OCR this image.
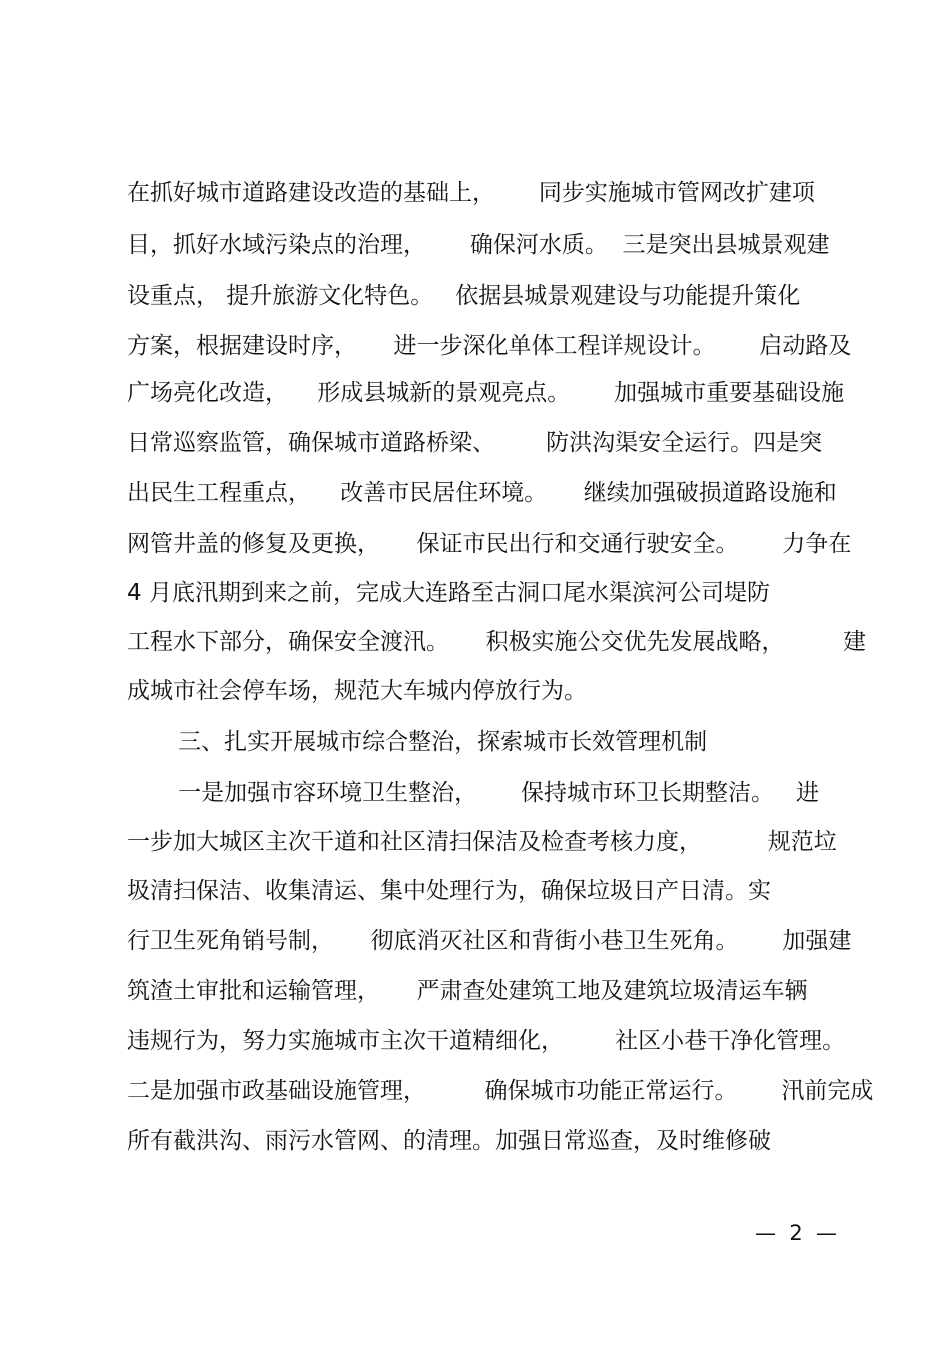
在抓好城市道路建设改造的基础上，      同步实施城市管网改扩建项
目，抓好水域污染点的治理，      确保河水质。  三是突出县城景观建
设重点， 提升旅游文化特色。   依据县城景观建设与功能提升策化
方案，根据建设时序，     进一步深化单体工程详规设计。      启动路及
广场亮化改造，    形成县城新的景观亮点。      加强城市重要基础设施
日常巡察监管，确保城市道路桥梁、       防洪沟渠安全运行。四是突
出民生工程重点，    改善市民居住环境。     继续加强破损道路设施和
网管井盖的修复及更换，     保证市民出行和交通行驶安全。      力争在
4 月底汛期到来之前，完成大连路至古洞口尾水渠滨河公司堤防
工程水下部分，确保安全渡汛。     积极实施公交优先发展战略，        建
成城市社会停车场，规范大车城内停放行为。
三、扎实开展城市综合整治，探索城市长效管理机制
一是加强市容环境卫生整治，      保持城市环卫长期整洁。   进
一步加大城区主次干道和社区清扫保洁及检查考核力度，         规范垃
圾清扫保洁、收集清运、集中处理行为，确保垃圾日产日清。实
行卫生死角销号制，     彻底消灭社区和背街小巷卫生死角。      加强建
筑渣土审批和运输管理，     严肃查处建筑工地及建筑垃圾清运车辆
违规行为，努力实施城市主次干道精细化，       社区小巷干净化管理。
二是加强市政基础设施管理，        确保城市功能正常运行。      汛前完成
所有截洪沟、雨污水管网、的清理。加强日常巡查，及时维修破
—  2  —
